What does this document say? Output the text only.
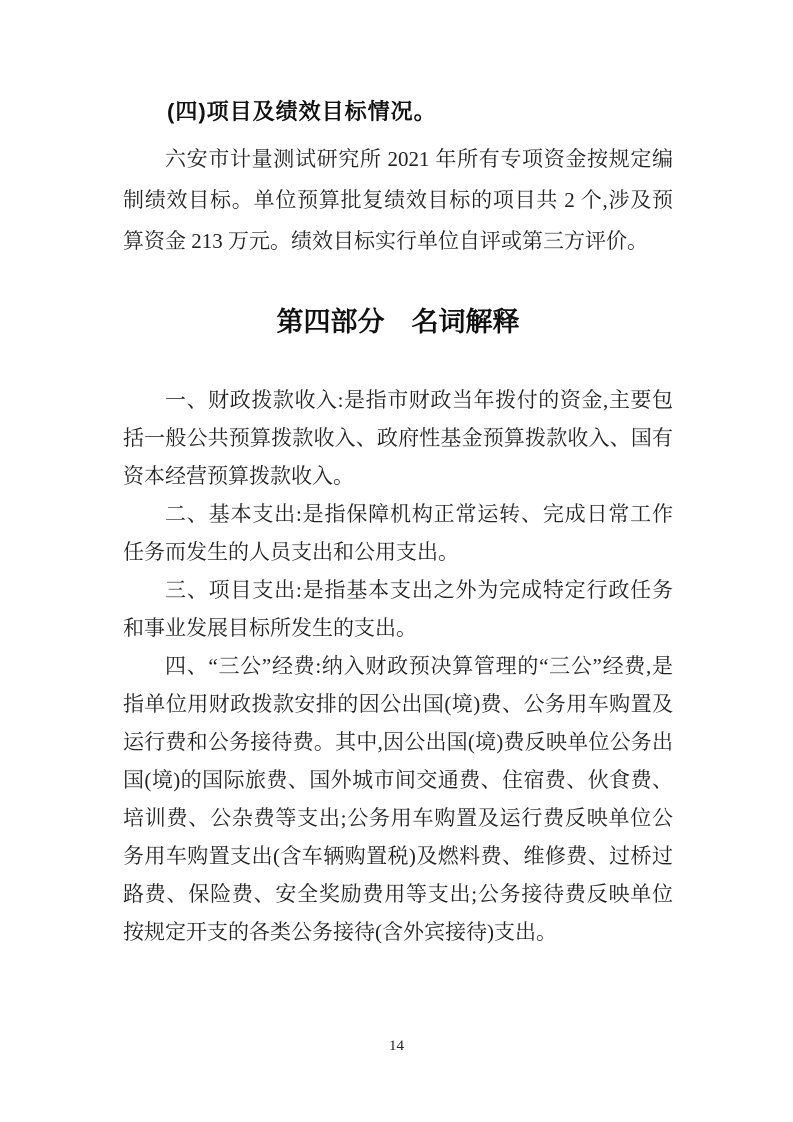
(四)项目及绩效目标情况。

六安市计量测试研究所 2021 年所有专项资金按规定编制绩效目标。单位预算批复绩效目标的项目共 2 个,涉及预算资金 213 万元。绩效目标实行单位自评或第三方评价。

第四部分　名词解释

一、财政拨款收入:是指市财政当年拨付的资金,主要包括一般公共预算拨款收入、政府性基金预算拨款收入、国有资本经营预算拨款收入。

二、基本支出:是指保障机构正常运转、完成日常工作任务而发生的人员支出和公用支出。

三、项目支出:是指基本支出之外为完成特定行政任务和事业发展目标所发生的支出。

四、“三公”经费:纳入财政预决算管理的“三公”经费,是指单位用财政拨款安排的因公出国(境)费、公务用车购置及运行费和公务接待费。其中,因公出国(境)费反映单位公务出国(境)的国际旅费、国外城市间交通费、住宿费、伙食费、培训费、公杂费等支出;公务用车购置及运行费反映单位公务用车购置支出(含车辆购置税)及燃料费、维修费、过桥过路费、保险费、安全奖励费用等支出;公务接待费反映单位按规定开支的各类公务接待(含外宾接待)支出。

14
